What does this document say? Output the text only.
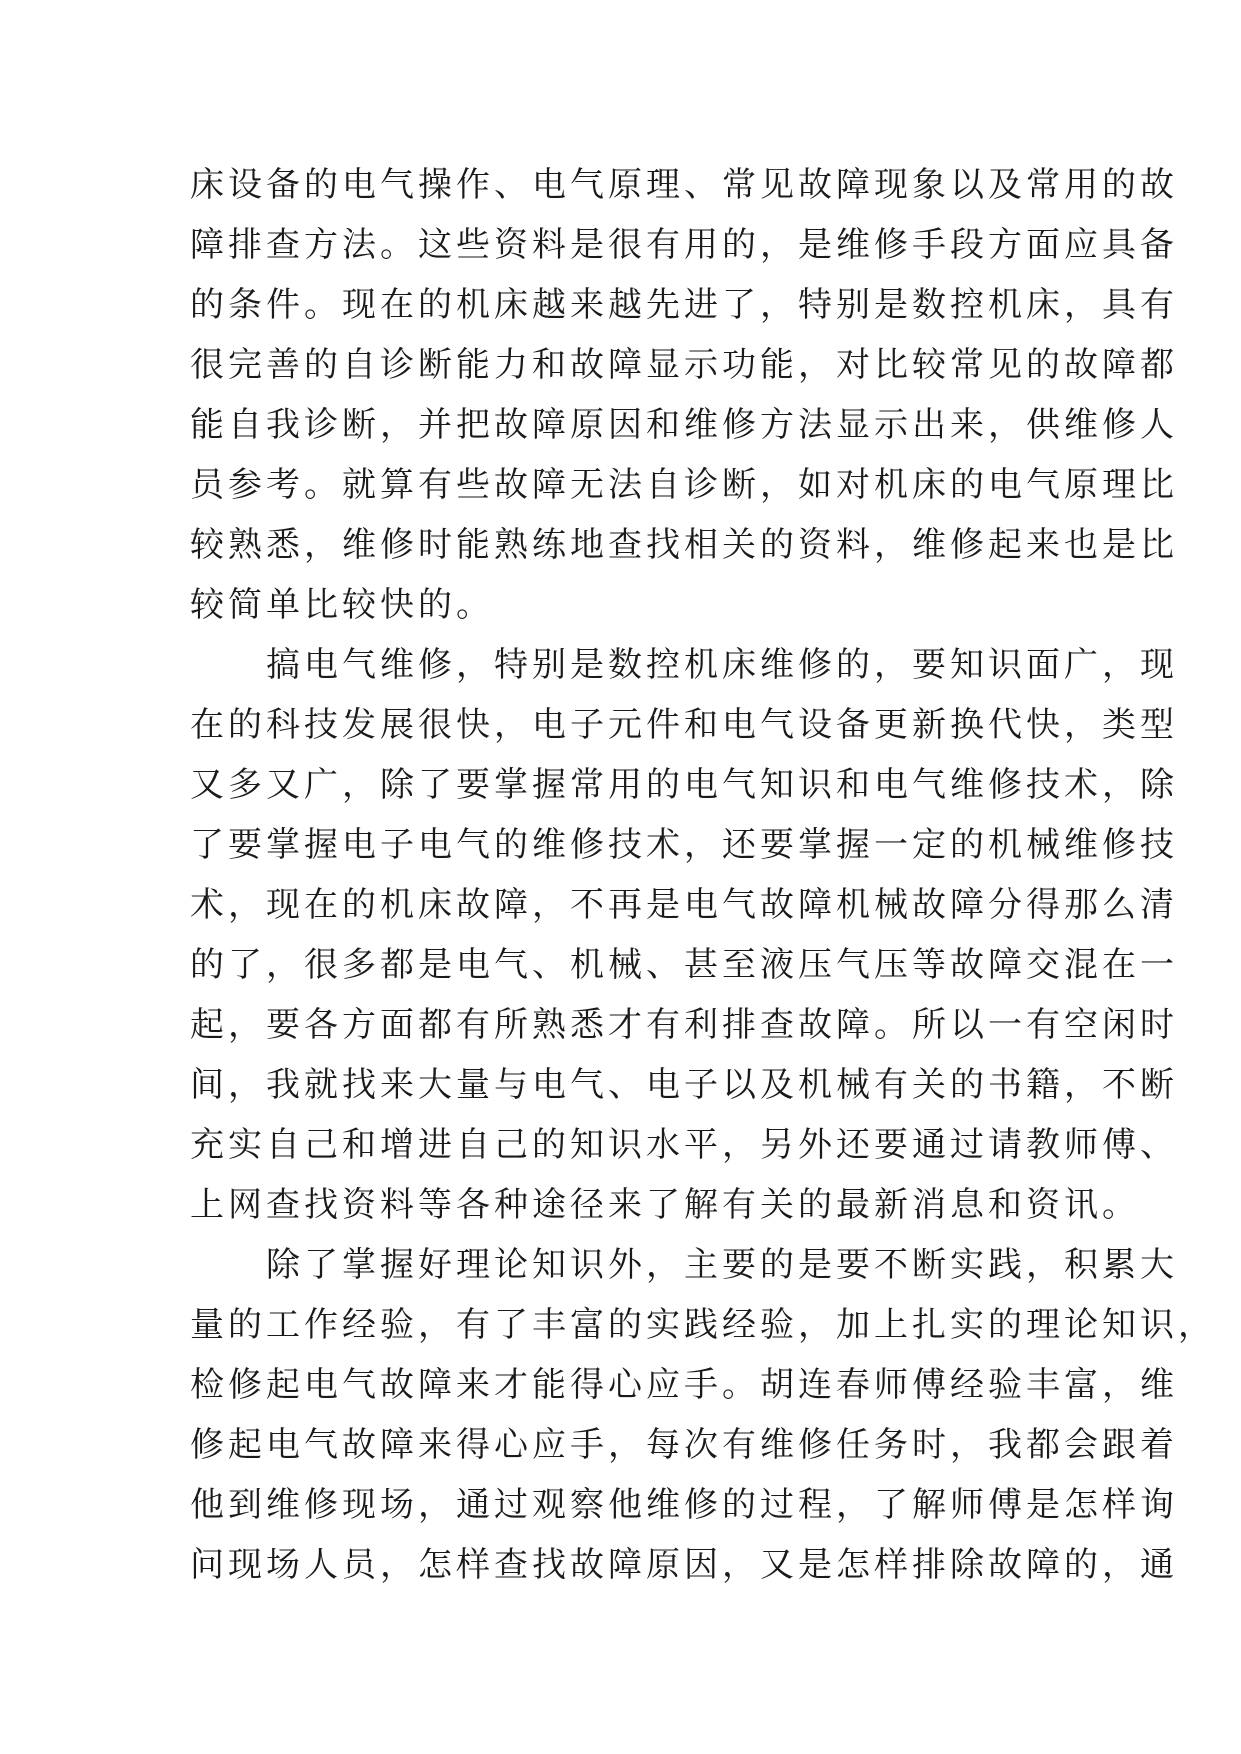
床设备的电气操作、电气原理、常见故障现象以及常用的故
障排查方法。这些资料是很有用的，是维修手段方面应具备
的条件。现在的机床越来越先进了，特别是数控机床，具有
很完善的自诊断能力和故障显示功能，对比较常见的故障都
能自我诊断，并把故障原因和维修方法显示出来，供维修人
员参考。就算有些故障无法自诊断，如对机床的电气原理比
较熟悉，维修时能熟练地查找相关的资料，维修起来也是比
较简单比较快的。
搞电气维修，特别是数控机床维修的，要知识面广，现
在的科技发展很快，电子元件和电气设备更新换代快，类型
又多又广，除了要掌握常用的电气知识和电气维修技术，除
了要掌握电子电气的维修技术，还要掌握一定的机械维修技
术，现在的机床故障，不再是电气故障机械故障分得那么清
的了，很多都是电气、机械、甚至液压气压等故障交混在一
起，要各方面都有所熟悉才有利排查故障。所以一有空闲时
间，我就找来大量与电气、电子以及机械有关的书籍，不断
充实自己和增进自己的知识水平，另外还要通过请教师傅、
上网查找资料等各种途径来了解有关的最新消息和资讯。
除了掌握好理论知识外，主要的是要不断实践，积累大
量的工作经验，有了丰富的实践经验，加上扎实的理论知识，
检修起电气故障来才能得心应手。胡连春师傅经验丰富，维
修起电气故障来得心应手，每次有维修任务时，我都会跟着
他到维修现场，通过观察他维修的过程，了解师傅是怎样询
问现场人员，怎样查找故障原因，又是怎样排除故障的，通
